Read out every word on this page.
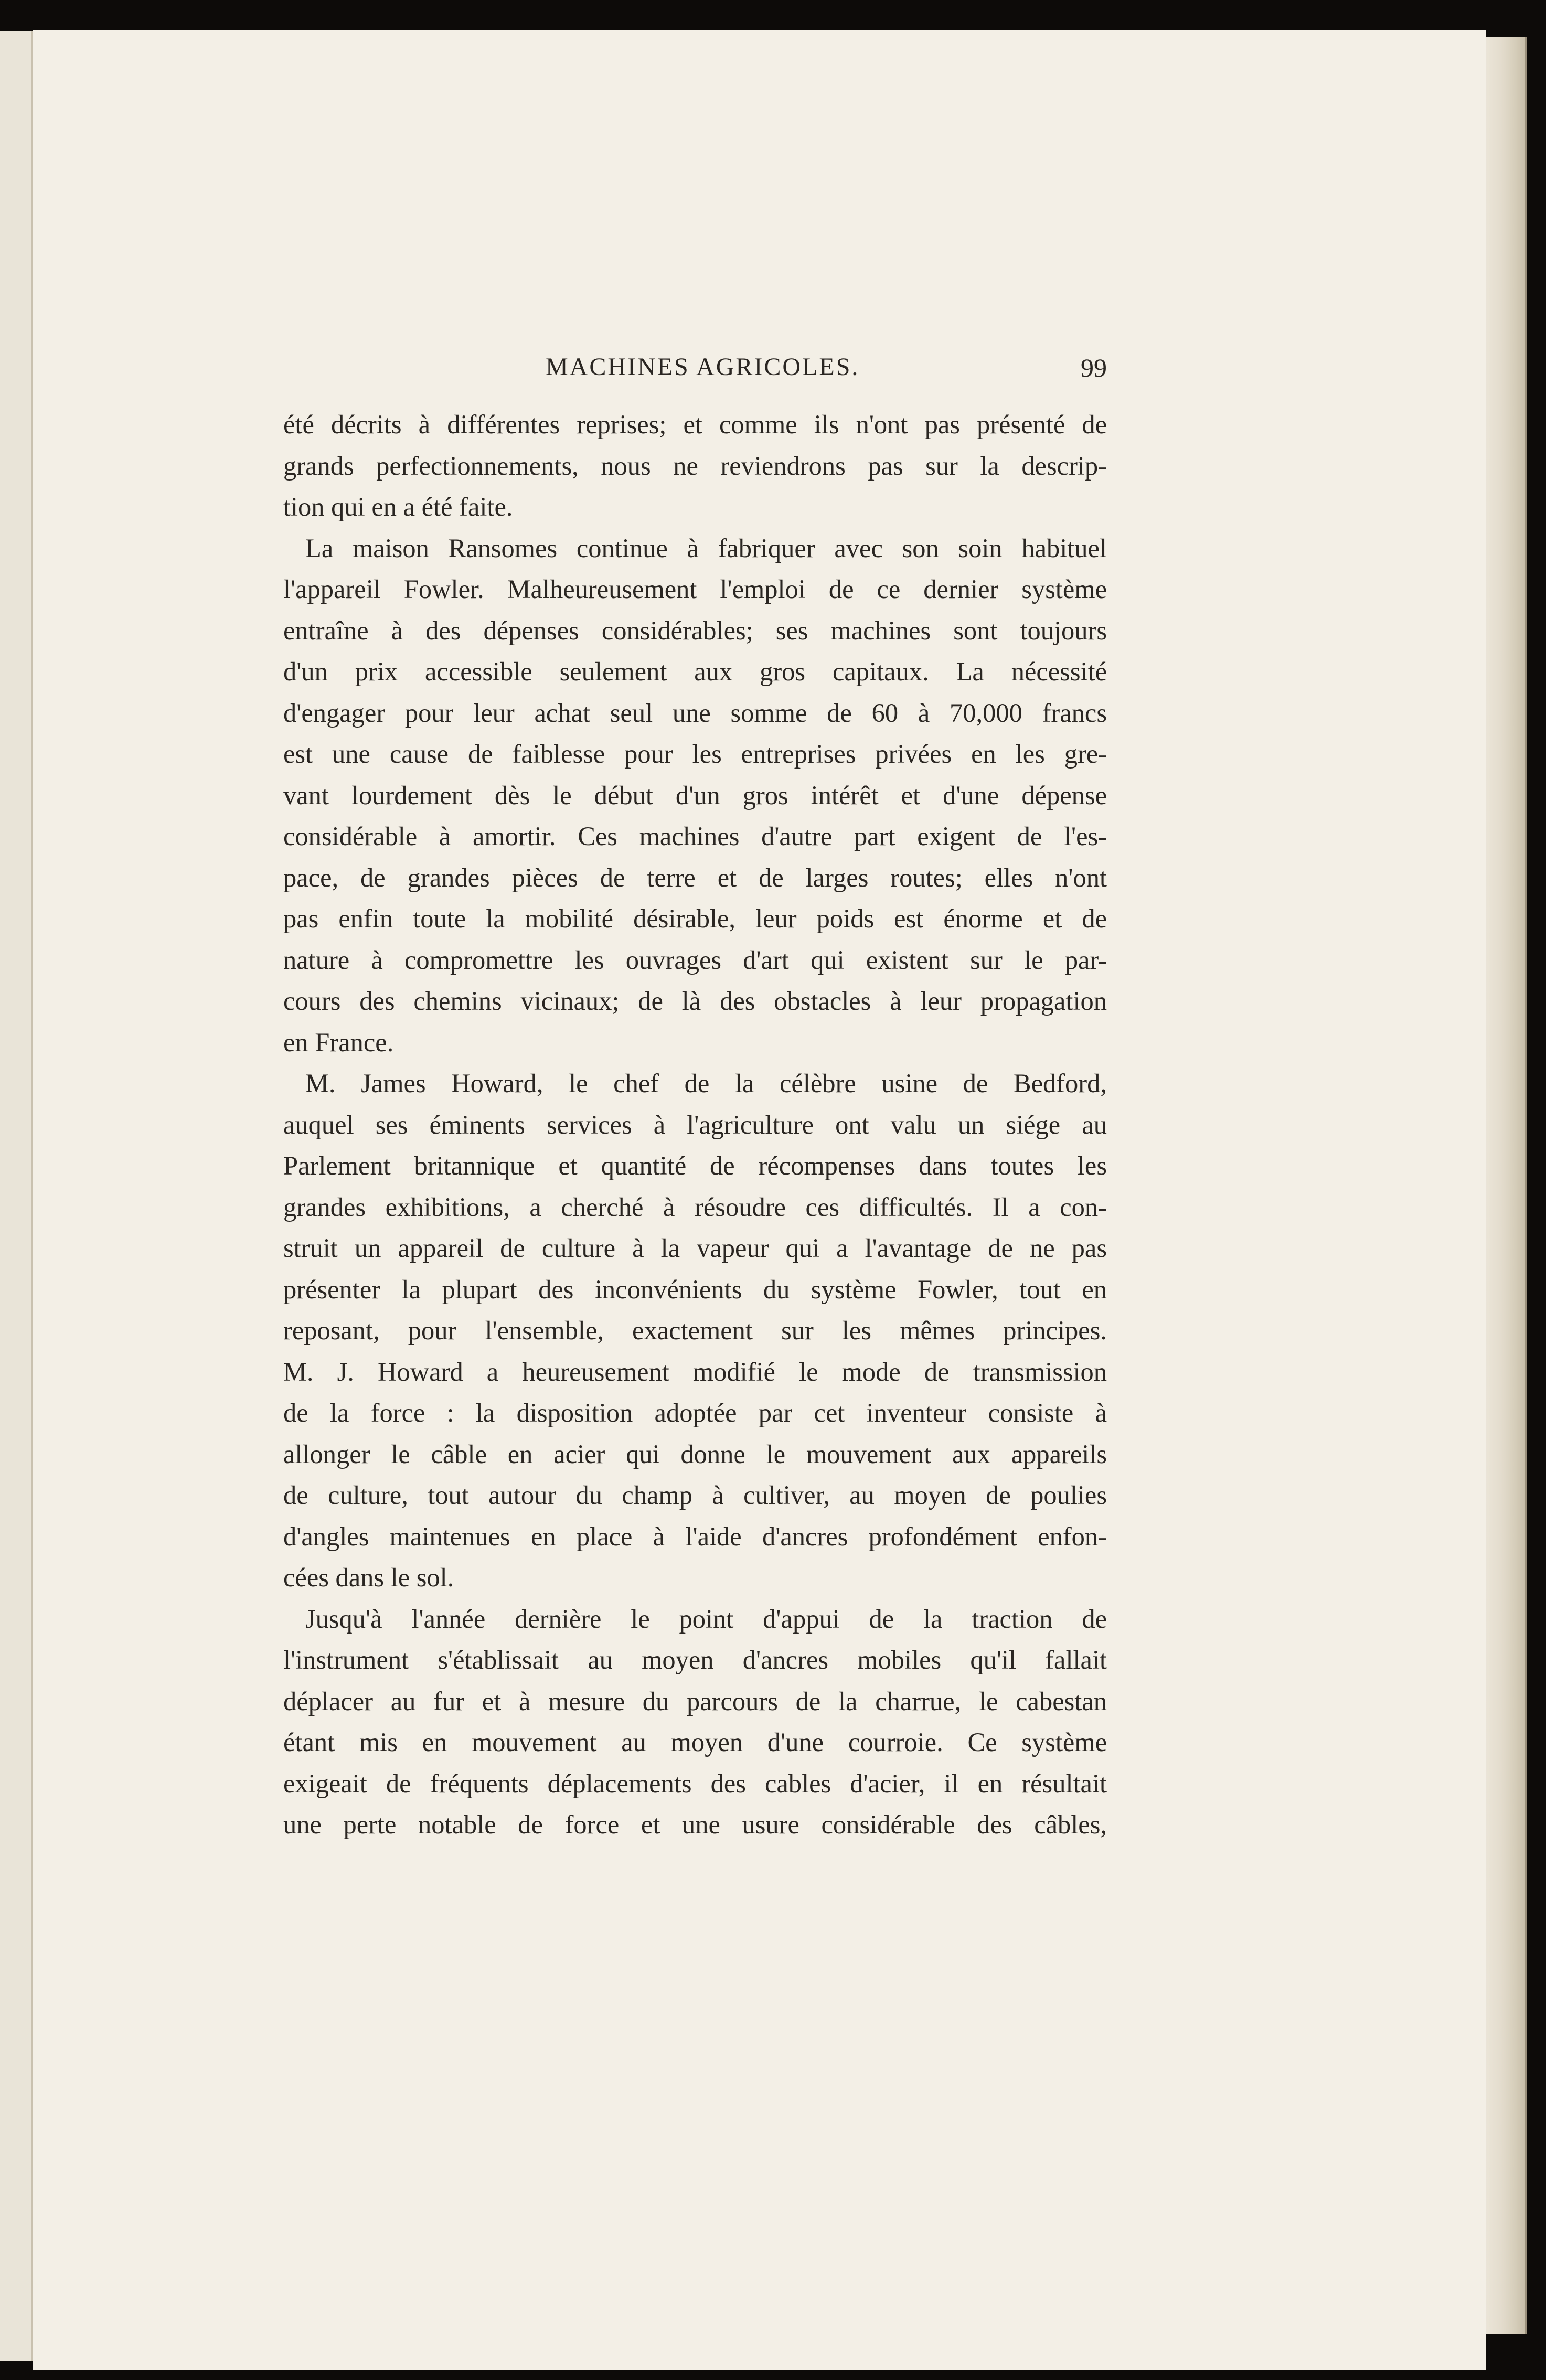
MACHINES AGRICOLES.	99

été décrits à différentes reprises; et comme ils n'ont pas présenté de

grands perfectionnements, nous ne reviendrons pas sur la descrip-

tion qui en a été faite.

La maison Ransomes continue à fabriquer avec son soin habituel

l'appareil Fowler. Malheureusement l'emploi de ce dernier système

entraîne à des dépenses considérables; ses machines sont toujours

d'un prix accessible seulement aux gros capitaux. La nécessité

d'engager pour leur achat seul une somme de 60 à 70,000 francs

est une cause de faiblesse pour les entreprises privées en les gre-

vant lourdement dès le début d'un gros intérêt et d'une dépense

considérable à amortir. Ces machines d'autre part exigent de l'es-

pace, de grandes pièces de terre et de larges routes; elles n'ont

pas enfin toute la mobilité désirable, leur poids est énorme et de

nature à compromettre les ouvrages d'art qui existent sur le par-

cours des chemins vicinaux; de là des obstacles à leur propagation

en France.

M. James Howard, le chef de la célèbre usine de Bedford,

auquel ses éminents services à l'agriculture ont valu un siége au

Parlement britannique et quantité de récompenses dans toutes les

grandes exhibitions, a cherché à résoudre ces difficultés. Il a con-

struit un appareil de culture à la vapeur qui a l'avantage de ne pas

présenter la plupart des inconvénients du système Fowler, tout en

reposant, pour l'ensemble, exactement sur les mêmes principes.

M. J. Howard a heureusement modifié le mode de transmission

de la force : la disposition adoptée par cet inventeur consiste à

allonger le câble en acier qui donne le mouvement aux appareils

de culture, tout autour du champ à cultiver, au moyen de poulies

d'angles maintenues en place à l'aide d'ancres profondément enfon-

cées dans le sol.

Jusqu'à l'année dernière le point d'appui de la traction de

l'instrument s'établissait au moyen d'ancres mobiles qu'il fallait

déplacer au fur et à mesure du parcours de la charrue, le cabestan

étant mis en mouvement au moyen d'une courroie. Ce système

exigeait de fréquents déplacements des cables d'acier, il en résultait

une perte notable de force et une usure considérable des câbles,
